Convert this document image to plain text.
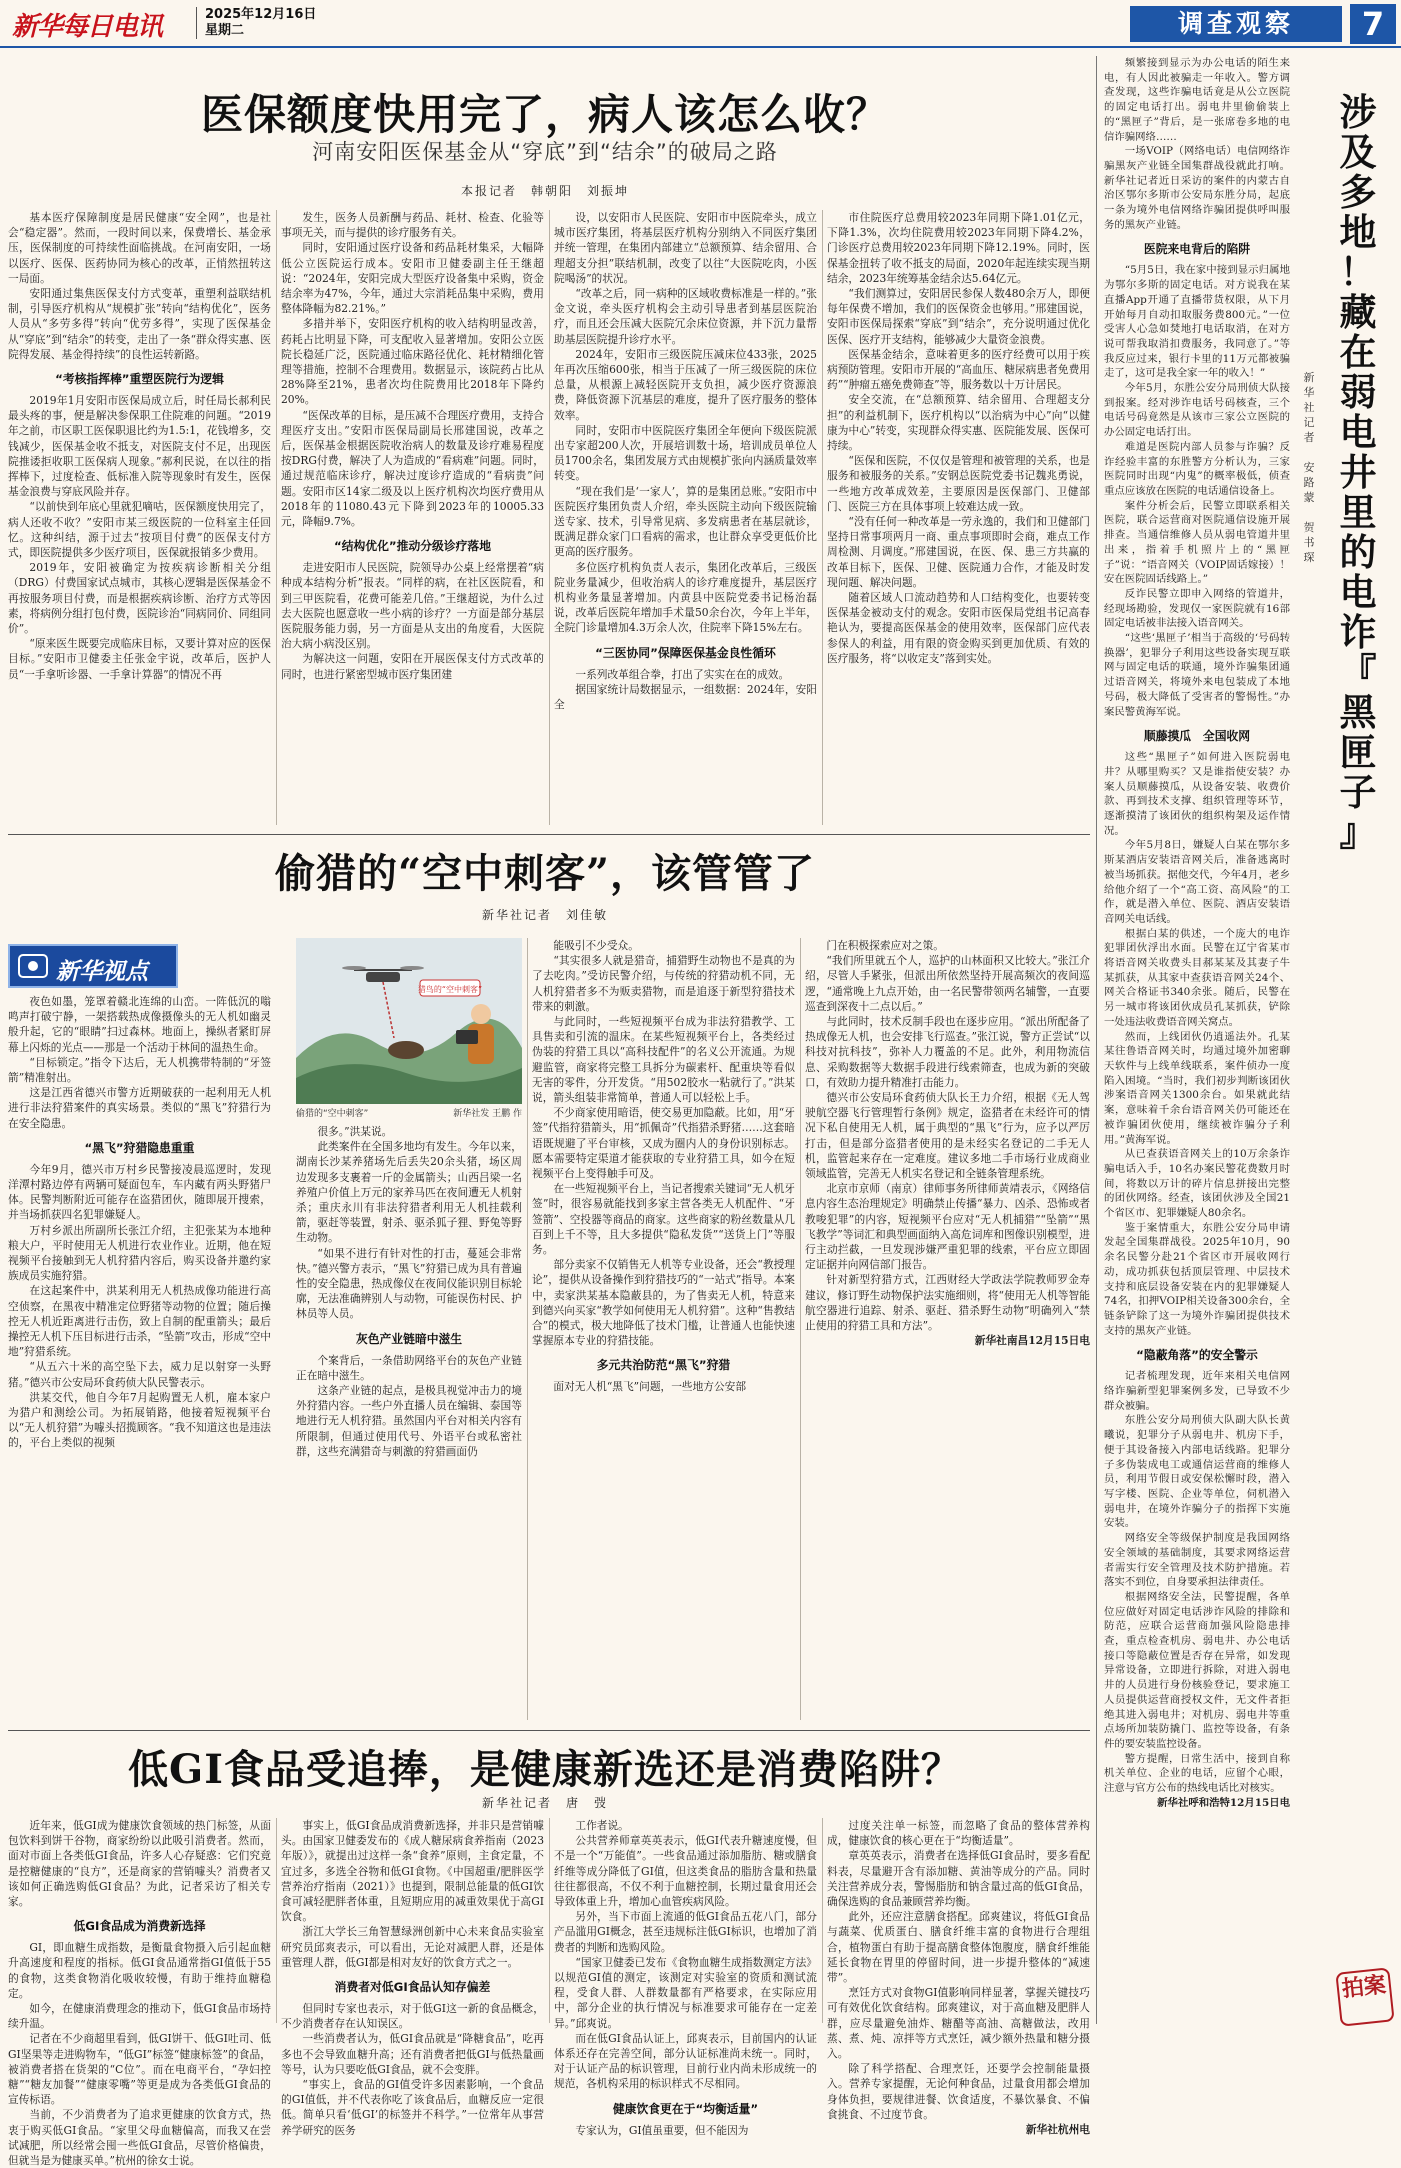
新华每日电讯	2025年12月16日
星期二	调查观察	7
医保额度快用完了，病人该怎么收？
河南安阳医保基金从“穿底”到“结余”的破局之路
本报记者　韩朝阳　刘振坤

基本医疗保障制度是居民健康“安全网”，也是社会“稳定器”。然而，一段时间以来，保费增长、基金承压，医保制度的可持续性面临挑战。在河南安阳，一场以医疗、医保、医药协同为核心的改革，正悄然扭转这一局面。

安阳通过集焦医保支付方式变革，重塑利益联结机制，引导医疗机构从“规模扩张”转向“结构优化”，医务人员从“多劳多得”转向“优劳多得”，实现了医保基金从“穿底”到“结余”的转变，走出了一条“群众得实惠、医院得发展、基金得持续”的良性运转新路。

“考核指挥棒”重塑医院行为逻辑

2019年1月安阳市医保局成立后，时任局长郝利民最头疼的事，便是解决参保职工住院难的问题。“2019年之前，市区职工医保职退比约为1.5:1，花钱增多，交钱减少，医保基金收不抵支，对医院支付不足，出现医院推诿拒收职工医保病人现象。”郝利民说，在以往的指挥棒下，过度检查、低标准入院等现象时有发生，医保基金浪费与穿底风险并存。

“以前快到年底心里就犯嘀咕，医保额度快用完了，病人还收不收？”安阳市某三级医院的一位科室主任回忆。这种纠结，源于过去“按项目付费”的医保支付方式，即医院提供多少医疗项目，医保就报销多少费用。

2019年，安阳被确定为按疾病诊断相关分组（DRG）付费国家试点城市，其核心逻辑是医保基金不再按服务项目付费，而是根据疾病诊断、治疗方式等因素，将病例分组打包付费，医院诊治“同病同价、同组同价”。

“原来医生既要完成临床目标，又要计算对应的医保目标。”安阳市卫健委主任张金宇说，改革后，医护人员“一手拿听诊器、一手拿计算器”的情况不再

发生，医务人员新酬与药品、耗材、检查、化验等事项无关，而与提供的诊疗服务有关。

同时，安阳通过医疗设备和药品耗材集采，大幅降低公立医院运行成本。安阳市卫健委副主任王继超说：“2024年，安阳完成大型医疗设备集中采购，资金结余率为47%，今年，通过大宗消耗品集中采购，费用整体降幅为82.21%。”

多措并举下，安阳医疗机构的收入结构明显改善，药耗占比明显下降，可支配收入显著增加。安阳公立医院长稳延广泛，医院通过临床路径优化、耗材精细化管理等措施，控制不合理费用。数据显示，该院药占比从28%降至21%，患者次均住院费用比2018年下降约20%。

“医保改革的目标，是压减不合理医疗费用，支持合理医疗支出。”安阳市医保局副局长邢建国说，改革之后，医保基金根据医院收治病人的数量及诊疗难易程度按DRG付费，解决了人为造成的“看病难”问题。同时，通过规范临床诊疗，解决过度诊疗造成的“看病贵”问题。安阳市区14家二级及以上医疗机构次均医疗费用从2018年的11080.43元下降到2023年的10005.33元，降幅9.7%。

“结构优化”推动分级诊疗落地

走进安阳市人民医院，院领导办公桌上经常摆着“病种成本结构分析”报表。“同样的病，在社区医院看，和到三甲医院看，花费可能差几倍。”王继超说，为什么过去大医院也愿意收一些小病的诊疗？一方面是部分基层医院服务能力弱，另一方面是从支出的角度看，大医院治大病小病没区别。

为解决这一问题，安阳在开展医保支付方式改革的同时，也进行紧密型城市医疗集团建

设，以安阳市人民医院、安阳市中医院牵头，成立城市医疗集团，将基层医疗机构分别纳入不同医疗集团并统一管理，在集团内部建立“总额预算、结余留用、合理超支分担”联结机制，改变了以往“大医院吃肉，小医院喝汤”的状况。

“改革之后，同一病种的区域收费标准是一样的。”张金文说，牵头医疗机构会主动引导患者到基层医院治疗，而且还会压减大医院冗余床位资源，并下沉力量帮助基层医院提升诊疗水平。

2024年，安阳市三级医院压减床位433张，2025年再次压缩600张，相当于压减了一所三级医院的床位总量，从根源上减轻医院开支负担，减少医疗资源浪费，降低资源下沉基层的难度，提升了医疗服务的整体效率。

同时，安阳市中医院医疗集团全年便向下级医院派出专家超200人次，开展培训数十场，培训成员单位人员1700余名，集团发展方式由规模扩张向内涵质量效率转变。

“现在我们是‘一家人’，算的是集团总账。”安阳市中医院医疗集团负责人介绍，牵头医院主动向下级医院输送专家、技术，引导常见病、多发病患者在基层就诊，既满足群众家门口看病的需求，也让群众享受更低价比更高的医疗服务。

多位医疗机构负责人表示，集团化改革后，三级医院业务量减少，但收治病人的诊疗难度提升，基层医疗机构业务量显著增加。内黄县中医院党委书记杨治磊说，改革后医院年增加手术量50余台次，今年上半年，全院门诊量增加4.3万余人次，住院率下降15%左右。

“三医协同”保障医保基金良性循环

一系列改革组合拳，打出了实实在在的成效。

据国家统计局数据显示，一组数据：2024年，安阳全

市住院医疗总费用较2023年同期下降1.01亿元，下降1.3%，次均住院费用较2023年同期下降4.2%，门诊医疗总费用较2023年同期下降12.19%。同时，医保基金扭转了收不抵支的局面，2020年起连续实现当期结余，2023年统筹基金结余达5.64亿元。

“我们测算过，安阳居民参保人数480余万人，即便每年保费不增加，我们的医保资金也够用。”邢建国说，安阳市医保局探索“穿底”到“结余”，充分说明通过优化医保、医疗开支结构，能够减少大量资金浪费。

医保基金结余，意味着更多的医疗经费可以用于疾病预防管理。安阳市开展的“高血压、糖尿病患者免费用药”“肿瘤五癌免费筛查”等，服务数以十万计居民。

安全交流，在“总额预算、结余留用、合理超支分担”的利益机制下，医疗机构以“以治病为中心”向“以健康为中心”转变，实现群众得实惠、医院能发展、医保可持续。

“医保和医院，不仅仅是管理和被管理的关系，也是服务和被服务的关系。”安钢总医院党委书记魏兆勇说，一些地方改革成效差，主要原因是医保部门、卫健部门、医院三方在具体事项上较难达成一致。

“没有任何一种改革是一劳永逸的，我们和卫健部门坚持日常事项两月一商、重点事项即时会商，难点工作周检测、月调度。”邢建国说，在医、保、患三方共赢的改革目标下，医保、卫健、医院通力合作，才能及时发现问题、解决问题。

随着区域人口流动趋势和人口结构变化，也要转变医保基金被动支付的观念。安阳市医保局党组书记高春艳认为，要提高医保基金的使用效率，医保部门应代表参保人的利益，用有限的资金购买到更加优质、有效的医疗服务，将“以收定支”落到实处。

偷猎的“空中刺客”，该管管了
新华社记者　刘佳敏
新华视点

夜色如墨，笼罩着赣北连绵的山峦。一阵低沉的嗡鸣声打破宁静，一架搭载热成像摄像头的无人机如幽灵般升起，它的“眼睛”扫过森林。地面上，操纵者紧盯屏幕上闪烁的光点——那是一个活动于林间的温热生命。

“目标锁定。”指令下达后，无人机携带特制的“牙签箭”精准射出。

这是江西省德兴市警方近期破获的一起利用无人机进行非法狩猎案件的真实场景。类似的“黑飞”狩猎行为在安全隐患。

“黑飞”狩猎隐患重重

今年9月，德兴市万村乡民警接凌晨巡逻时，发现洋潭村路边停有两辆可疑面包车，车内藏有两头野猪尸体。民警判断附近可能存在盗猎团伙，随即展开搜索，并当场抓获四名犯罪嫌疑人。

万村乡派出所副所长张江介绍，主犯张某为本地种粮大户，平时使用无人机进行农业作业。近期，他在短视频平台接触到无人机狩猎内容后，购买设备并邀约家族成员实施狩猎。

在这起案件中，洪某利用无人机热成像功能进行高空侦察，在黑夜中精准定位野猪等动物的位置；随后操控无人机近距离进行击伤，致上自制的配重箭头；最后操控无人机下压目标进行击杀，“坠箭”攻击，形成“空中地”狩猎系统。

“从五六十米的高空坠下去，威力足以射穿一头野猪。”德兴市公安局环食药侦大队民警表示。

洪某交代，他自今年7月起购置无人机，雇本家户为猎户和测绘公司。为拓展销路，他接着短视频平台以“无人机狩猎”为噱头招揽顾客。“我不知道这也是违法的，平台上类似的视频

很多。”洪某说。

此类案件在全国多地均有发生。今年以来，湖南长沙某养猪场先后丢失20余头猪，场区周边发现多支裹着一斤的金属箭头；山西吕梁一名养殖户价值上万元的家养马匹在夜间遭无人机射杀；重庆永川有非法狩猎者利用无人机挂载利箭，驱赶等装置，射杀、驱杀狐子狸、野兔等野生动物。

“如果不进行有针对性的打击，蔓延会非常快。”德兴警方表示，“黑飞”狩猎已成为具有普遍性的安全隐患，热成像仪在夜间仪能识别目标轮廓，无法准确辨别人与动物，可能误伤村民、护林员等人员。

灰色产业链暗中滋生

个案背后，一条借助网络平台的灰色产业链正在暗中滋生。

这条产业链的起点，是极具视觉冲击力的境外狩猎内容。一些户外直播人员在编辑、泰国等地进行无人机狩猎。虽然国内平台对相关内容有所限制，但通过使用代号、外语平台或私密社群，这些充满猎奇与刺激的狩猎画面仍

能吸引不少受众。

“其实很多人就是猎奇，捕猎野生动物也不是真的为了去吃肉。”受访民警介绍，与传统的狩猎动机不同，无人机狩猎者多不为贩卖猎物，而是追逐于新型狩猎技术带来的刺激。

与此同时，一些短视频平台成为非法狩猎教学、工具售卖和引流的温床。在某些短视频平台上，各类经过伪装的狩猎工具以“高科技配件”的名义公开流通。为规避监管，商家将完整工具拆分为碳素杆、配重块等看似无害的零件，分开发货。“用502胶水一粘就行了。”洪某说，箭头组装非常简单，普通人可以轻松上手。

不少商家使用暗语，使交易更加隐蔽。比如，用“牙签”代指狩猎箭头，用“抓佩奇”代指猎杀野猪……这套暗语既规避了平台审核，又成为圈内人的身份识别标志。愿本需要特定渠道才能获取的专业狩猎工具，如今在短视频平台上变得触手可及。

在一些短视频平台上，当记者搜索关键词“无人机牙签”时，很容易就能找到多家主营各类无人机配件、“牙签箭”、空投器等商品的商家。这些商家的粉丝数量从几百到上千不等，且大多提供“隐私发货”“送货上门”等服务。

部分卖家不仅销售无人机等专业设备，还会“教授理论”，提供从设备操作到狩猎技巧的“一站式”指导。本案中，卖家洪某基本隐蔽县的，为了售卖无人机，特意来到德兴向买家“教学如何使用无人机狩猎”。这种“售教结合”的模式，极大地降低了技术门槛，让普通人也能快速掌握原本专业的狩猎技能。

多元共治防范“黑飞”狩猎

面对无人机“黑飞”问题，一些地方公安部

门在积极探索应对之策。

“我们所里就五个人，巡护的山林面积又比较大。”张江介绍，尽管人手紧张，但派出所依然坚持开展高频次的夜间巡逻，“通常晚上九点开始，由一名民警带领两名辅警，一直要巡查到深夜十二点以后。”

与此同时，技术反制手段也在逐步应用。“派出所配备了热成像无人机，也会安排飞行巡查。”张江说，警方正尝试“以科技对抗科技”，弥补人力覆盖的不足。此外，利用物流信息、采购数据等大数据手段进行线索筛查，也成为新的突破口，有效助力提升精准打击能力。

德兴市公安局环食药侦大队长王力介绍，根据《无人驾驶航空器飞行管理暂行条例》规定，盗猎者在未经许可的情况下私自使用无人机，属于典型的“黑飞”行为，应予以严厉打击，但是部分盗猎者使用的是未经实名登记的二手无人机，监管起来存在一定难度。建议多地二手市场行业成商业领域监管，完善无人机实名登记和全链条管理系统。

北京市京师（南京）律师事务所律师黄靖表示，《网络信息内容生态治理规定》明确禁止传播“暴力、凶杀、恐怖或者教唆犯罪”的内容，短视频平台应对“无人机捕猎”“坠箭”“黑飞教学”等词汇和典型画面纳入高危词库和图像识别模型，进行主动拦截，一旦发现涉嫌严重犯罪的线索，平台应立即固定证据并向网信部门报告。

针对新型狩猎方式，江西财经大学政法学院教师罗金寿建议，修订野生动物保护法实施细则，将“使用无人机等智能航空器进行追踪、射杀、驱赶、猎杀野生动物”明确列入“禁止使用的狩猎工具和方法”。

新华社南昌12月15日电

猎鸟的“空中刺客”
偷猎的“空中刺客”	新华社发 王鹏 作
低GI食品受追捧，是健康新选还是消费陷阱？
新华社记者　唐　弢

近年来，低GI成为健康饮食领域的热门标签，从面包饮料到饼干谷物，商家纷纷以此吸引消费者。然而，面对市面上各类低GI食品，许多人心存疑惑：它们究竟是控糖健康的“良方”，还是商家的营销噱头？消费者又该如何正确选购低GI食品？为此，记者采访了相关专家。

低GI食品成为消费新选择

GI，即血糖生成指数，是衡量食物摄入后引起血糖升高速度和程度的指标。低GI食品通常指GI值低于55的食物，这类食物消化吸收较慢，有助于维持血糖稳定。

如今，在健康消费理念的推动下，低GI食品市场持续升温。

记者在不少商超里看到，低GI饼干、低GI吐司、低GI坚果等走进购物车，“低GI”标签“健康标签”的食品，被消费者搭在货架的“C位”。而在电商平台，“孕妇控糖”“糖友加餐”“健康零嘴”等更是成为各类低GI食品的宣传标语。

当前，不少消费者为了追求更健康的饮食方式，热衷于购买低GI食品。“家里父母血糖偏高，而我又在尝试减肥，所以经常会囤一些低GI食品，尽管价格偏贵，但就当是为健康买单。”杭州的徐女士说。

事实上，低GI食品成消费新选择，并非只是营销噱头。由国家卫健委发布的《成人糖尿病食养指南（2023年版）》，就提出过这样一条“食养”原则，主食定量，不宜过多，多选全谷物和低GI食物。《中国超重/肥胖医学营养治疗指南（2021）》也提到，限制总能量的低GI饮食可减轻肥胖者体重，且短期应用的减重效果优于高GI饮食。

浙江大学长三角智慧绿洲创新中心未来食品实验室研究员邱爽表示，可以看出，无论对减肥人群，还是体重管理人群，低GI都是相对友好的饮食方式之一。

消费者对低GI食品认知存偏差

但同时专家也表示，对于低GI这一新的食品概念，不少消费者存在认知误区。

一些消费者认为，低GI食品就是“降糖食品”，吃再多也不会导致血糖升高；还有消费者把低GI与低热量画等号，认为只要吃低GI食品，就不会变胖。

“事实上，食品的GI值受许多因素影响，一个食品的GI值低，并不代表你吃了该食品后，血糖反应一定很低。简单只看‘低GI’的标签并不科学。”一位常年从事营养学研究的医务

工作者说。

公共营养师章英英表示，低GI代表升糖速度慢，但不是一个“万能值”。一些食品通过添加脂肪、糖或膳食纤维等成分降低了GI值，但这类食品的脂肪含量和热量往往都很高，不仅不利于血糖控制，长期过量食用还会导致体重上升，增加心血管疾病风险。

另外，当下市面上流通的低GI食品五花八门，部分产品滥用GI概念，甚至违规标注低GI标识，也增加了消费者的判断和选购风险。

“国家卫健委已发布《食物血糖生成指数测定方法》以规范GI值的测定，该测定对实验室的资质和测试流程，受食人群、人群数量都有严格要求，在实际应用中，部分企业的执行情况与标准要求可能存在一定差异。”邱爽说。

而在低GI食品认证上，邱爽表示，目前国内的认证体系还存在完善空间，部分认证标准尚未统一。同时，对于认证产品的标识管理，目前行业内尚未形成统一的规范，各机构采用的标识样式不尽相同。

健康饮食更在于“均衡适量”

专家认为，GI值虽重要，但不能因为

过度关注单一标签，而忽略了食品的整体营养构成，健康饮食的核心更在于“均衡适量”。

章英英表示，消费者在选择低GI食品时，要多看配料表，尽量避开含有添加糖、黄油等成分的产品。同时关注营养成分表，警惕脂肪和钠含量过高的低GI食品，确保选购的食品兼顾营养均衡。

此外，还应注意膳食搭配。邱爽建议，将低GI食品与蔬菜、优质蛋白、膳食纤维丰富的食物进行合理组合，植物蛋白有助于提高膳食整体饱腹度，膳食纤维能延长食物在胃里的停留时间，进一步提升整体的“减速带”。

烹饪方式对食物GI值影响同样显著，掌握关键技巧可有效优化饮食结构。邱爽建议，对于高血糖及肥胖人群，应尽量避免油炸、糖醋等高油、高糖做法，改用蒸、煮、炖、凉拌等方式烹饪，减少额外热量和糖分摄入。

除了科学搭配、合理烹饪，还要学会控制能量摄入。营养专家提醒，无论何种食品，过量食用都会增加身体负担，要规律进餐、饮食适度，不暴饮暴食、不偏食挑食、不过度节食。

新华社杭州电

涉
及
多
地
！
藏
在
弱
电
井
里
的
电
诈
『
黑
匣
子
』
新
华
社
记
者

安
路
蒙

贺
书
琛

频繁接到显示为办公电话的陌生来电，有人因此被骗走一年收入。警方调查发现，这些诈骗电话竟是从公立医院的固定电话打出。弱电井里偷偷装上的“黑匣子”背后，是一张席卷多地的电信诈骗网络……

一场VOIP（网络电话）电信网络诈骗黑灰产业链全国集群战役就此打响。新华社记者近日采访的案件的内蒙古自治区鄂尔多斯市公安局东胜分局，起底一条为境外电信网络诈骗团提供呼叫服务的黑灰产业链。

医院来电背后的陷阱

“5月5日，我在家中接到显示归属地为鄂尔多斯的固定电话。对方说我在某直播App开通了直播带货权限，从下月开始每月自动扣取服务费800元。”一位受害人心急如焚地打电话取消，在对方说可帮我取消扣费服务，我同意了。”等我反应过来，银行卡里的11万元都被骗走了，这可是我全家一年的收入！”

今年5月，东胜公安分局刑侦大队接到报案。经对涉诈电话号码核查，三个电话号码竟然是从该市三家公立医院的办公固定电话打出。

难道是医院内部人员参与诈骗？反诈经验丰富的东胜警方分析认为，三家医院同时出现“内鬼”的概率极低，侦查重点应该放在医院的电话通信设备上。

案件分析会后，民警立即联系相关医院，联合运营商对医院通信设施开展排查。当通信维修人员从弱电管道井里出来，指着手机照片上的“黑匣子”说：“语音网关（VOIP固话嫁接）！安在医院固话线路上。”

反诈民警立即申入网络的管道井，经现场勘验，发现仅一家医院就有16部固定电话被非法接入语音网关。

“这些‘黑匣子’相当于高级的‘号码转换器’，犯罪分子利用这些设备实现互联网与固定电话的联通，境外诈骗集团通过语音网关，将境外来电包装成了本地号码，极大降低了受害者的警惕性。”办案民警黄海军说。

顺藤摸瓜　全国收网

这些“黑匣子”如何进入医院弱电井？从哪里购买？又是谁指使安装？办案人员顺藤摸瓜，从设备安装、收费价款、再到技术支撑、组织管理等环节，逐渐摸清了该团伙的组织构架及运作情况。

今年5月8日，嫌疑人白某在鄂尔多斯某酒店安装语音网关后，准备逃离时被当场抓获。据他交代，今年4月，老乡给他介绍了一个“高工资、高风险”的工作，就是潜入单位、医院、酒店安装语音网关电话线。

根据白某的供述，一个庞大的电诈犯罪团伙浮出水面。民警在辽宁省某市将语音网关收费头目郝某某及其妻子牛某抓获，从其家中查获语音网关24个、网关合格证书340余张。随后，民警在另一城市将该团伙成员孔某抓获，铲除一处违法收费语音网关窝点。

然而，上线团伙仍逍遥法外。孔某某往鲁语音网关时，均通过境外加密聊天软件与上线单线联系，案件侦办一度陷入困境。“当时，我们初步判断该团伙涉案语音网关1300余台。如果就此结案，意味着千余台语音网关仍可能还在被诈骗团伙使用，继续被诈骗分子利用。”黄海军说。

从已查获语音网关上的10万余条诈骗电话入手，10名办案民警花费数月时间，将数以万计的碎片信息拼接出完整的团伙网络。经查，该团伙涉及全国21个省区市、犯罪嫌疑人80余名。

鉴于案情重大，东胜公安分局申请发起全国集群战役。2025年10月，90余名民警分赴21个省区市开展收网行动，成功抓获包括顶层管理、中层技术支持和底层设备安装在内的犯罪嫌疑人74名，扣押VOIP相关设备300余台，全链条铲除了这一为境外诈骗团提供技术支持的黑灰产业链。

“隐蔽角落”的安全警示

记者梳理发现，近年来相关电信网络诈骗新型犯罪案例多发，已导致不少群众被骗。

东胜公安分局刑侦大队副大队长黄曦说，犯罪分子从弱电井、机房下手，便于其设备接入内部电话线路。犯罪分子多伪装成电工或通信运营商的维修人员，利用节假日或安保松懈时段，潜入写字楼、医院、企业等单位，伺机潜入弱电井，在境外诈骗分子的指挥下实施安装。

网络安全等级保护制度是我国网络安全领域的基础制度，其要求网络运营者需实行安全管理及技术防护措施。若落实不到位，自身要承担法律责任。

根据网络安全法，民警提醒，各单位应做好对固定电话涉诈风险的排除和防范，应联合运营商加强风险隐患排查，重点检查机房、弱电井、办公电话接口等隐蔽位置是否存在异常，如发现异常设备，立即进行拆除，对进入弱电井的人员进行身份核验登记，要求施工人员提供运营商授权文件，无文件者拒绝其进入弱电井；对机房、弱电井等重点场所加装防撬门、监控等设备，有条件的要安装监控设备。

警方提醒，日常生活中，接到自称机关单位、企业的电话，应留个心眼，注意与官方公布的热线电话比对核实。

新华社呼和浩特12月15日电

拍案
